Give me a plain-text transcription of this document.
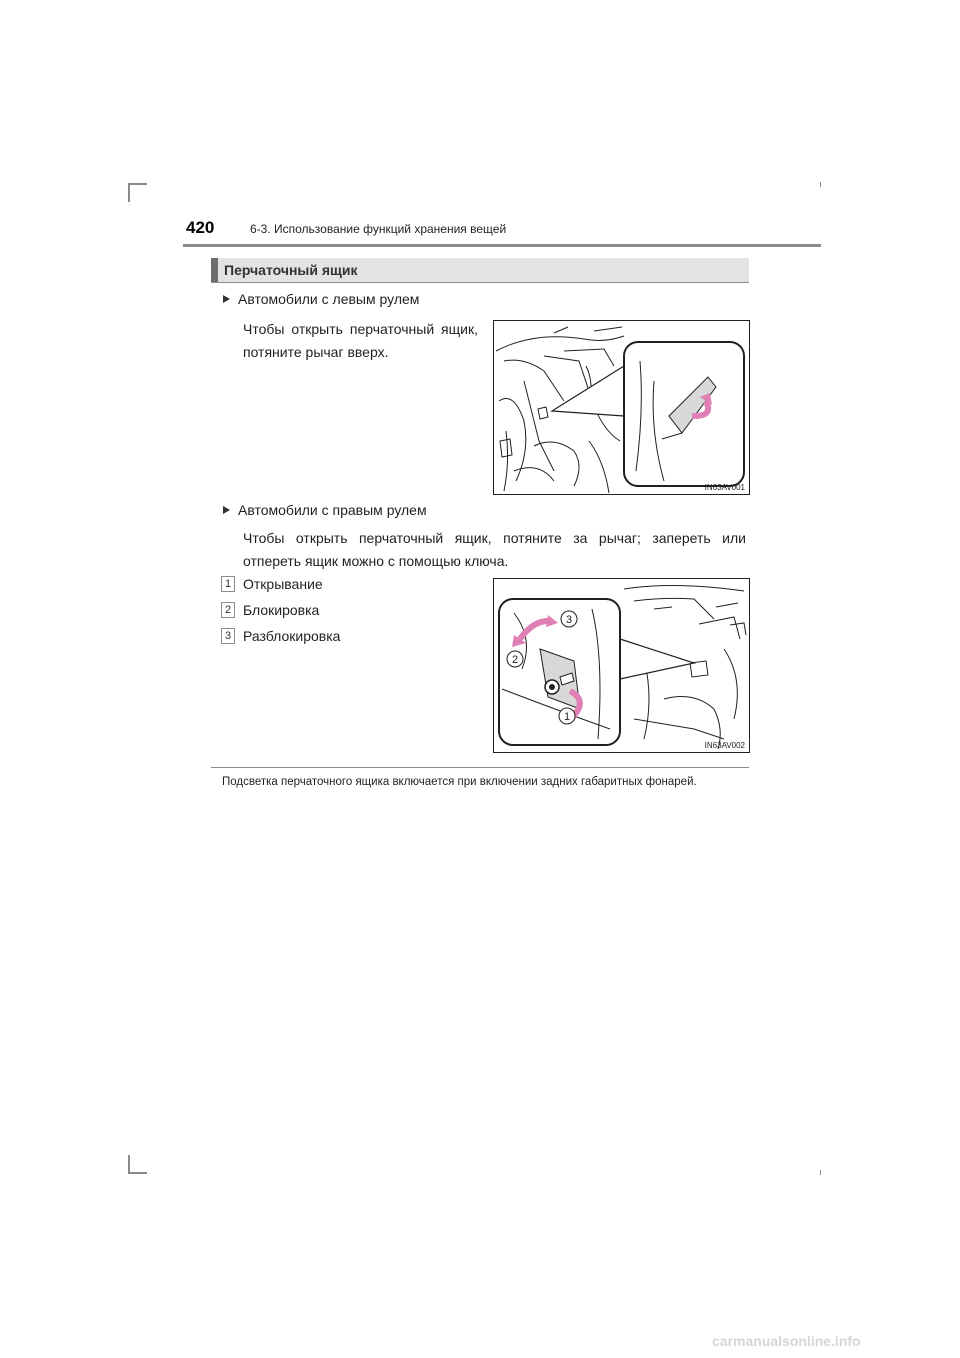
420	6-3. Использование функций хранения вещей
Перчаточный ящик
Автомобили с левым рулем
Чтобы открыть перчаточный ящик,
потяните рычаг вверх.
IN63AV001
Автомобили с правым рулем
Чтобы открыть перчаточный ящик, потяните за рычаг; запереть или
отпереть ящик можно с помощью ключа.
1 Открывание
2 Блокировка
3 Разблокировка
3
2
1
IN63AV002
Подсветка перчаточного ящика включается при включении задних габаритных фонарей.
carmanualsonline.info
